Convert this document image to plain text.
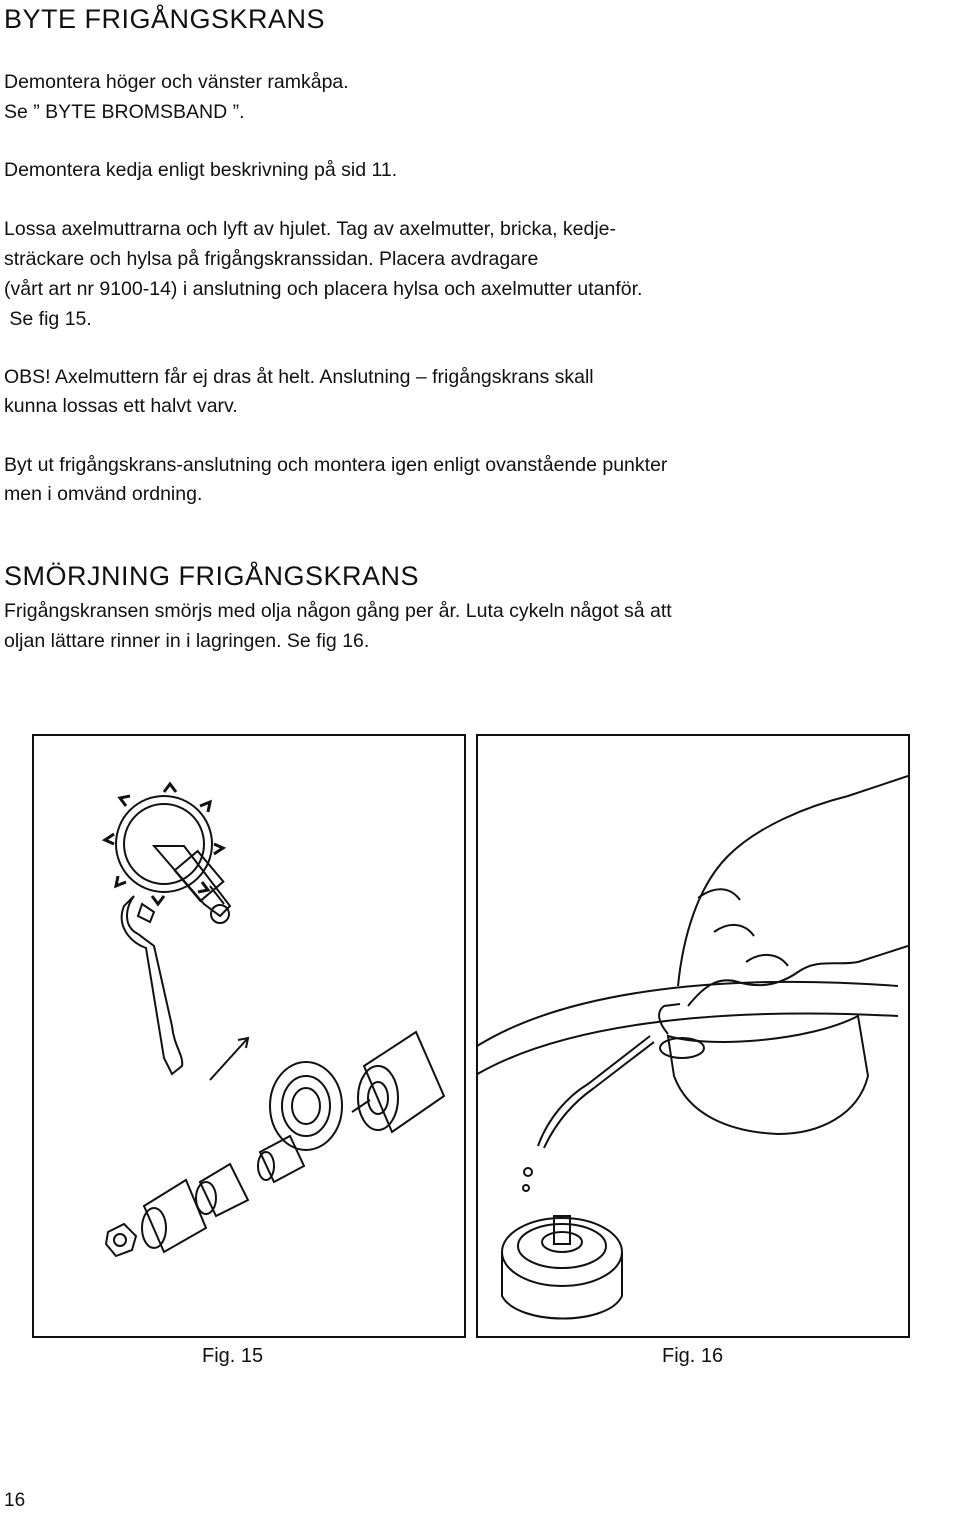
BYTE FRIGÅNGSKRANS

Demontera höger och vänster ramkåpa.

Se ” BYTE BROMSBAND ”.

Demontera kedja enligt beskrivning på sid 11.

Lossa axelmuttrarna och lyft av hjulet. Tag av axelmutter, bricka, kedje-

sträckare och hylsa på frigångskranssidan. Placera avdragare

(vårt art nr 9100-14) i anslutning och placera hylsa och axelmutter utanför.

Se fig 15.

OBS! Axelmuttern får ej dras åt helt. Anslutning – frigångskrans skall

kunna lossas ett halvt varv.

Byt ut frigångskrans-anslutning och montera igen enligt ovanstående punkter

men i omvänd ordning.

SMÖRJNING FRIGÅNGSKRANS

Frigångskransen smörjs med olja någon gång per år. Luta cykeln något så att

oljan lättare rinner in i lagringen. Se fig 16.

Fig. 15	Fig. 16
16
